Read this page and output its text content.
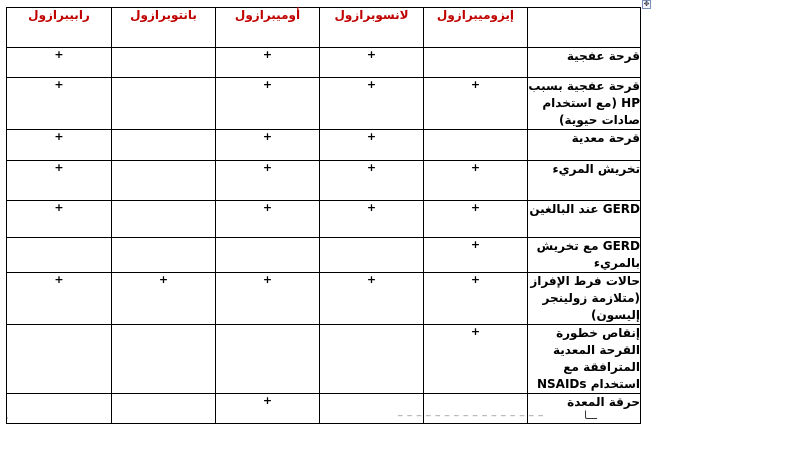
✥
	إيزوميبرازول	لانسوبرازول	أوميبرازول	بانتوبرازول	رابيبرازول
قرحة عفجية		+	+		+
قرحة عفجية بسبب HP (مع استخدام صادات حيوية)	+	+	+		+
قرحة معدية		+	+		+
تخريش المريء	+	+	+		+
GERD عند البالغين	+	+	+		+
GERD مع تخريش بالمريء	+				
حالات فرط الإفراز (متلازمة زولينجر إليسون)	+	+	+	+	+
إنقاص خطورة القرحة المعدية المترافقة مع استخدام NSAIDs	+				
حرقة المعدة			+		
·	‾ ‾ ‾ ‾ ‾ ‾ ‾ ‾ ‾ ‾ ‾ ‾ ‾ ‾ ‾ ‾	ـــ‍ا
